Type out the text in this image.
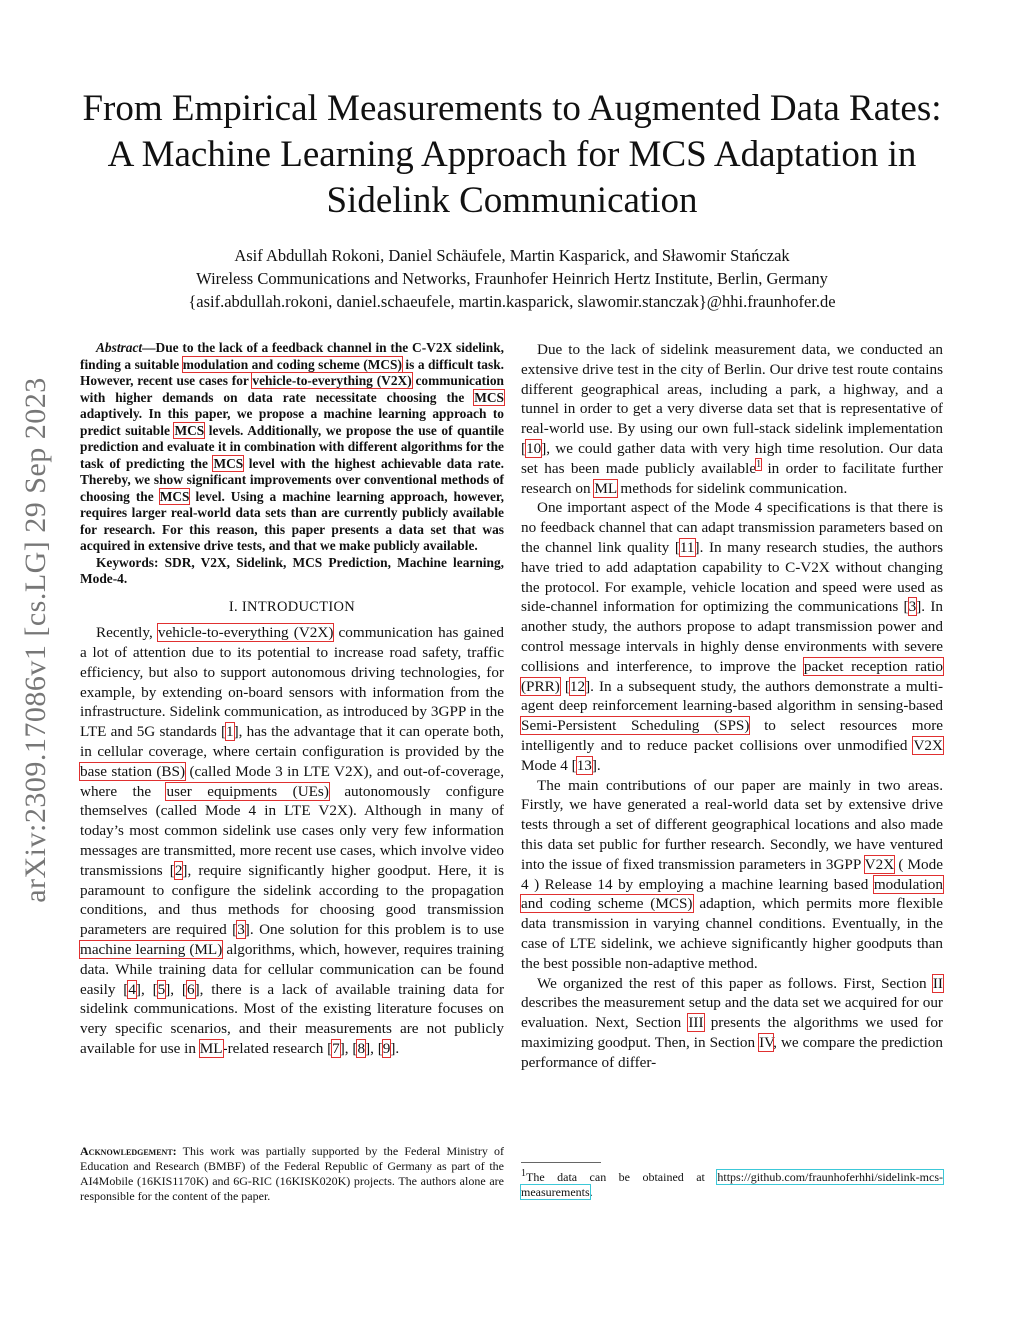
arXiv:2309.17086v1 [cs.LG] 29 Sep 2023
From Empirical Measurements to Augmented Data Rates: A Machine Learning Approach for MCS Adaptation in Sidelink Communication
Asif Abdullah Rokoni, Daniel Schäufele, Martin Kasparick, and Sławomir Stańczak
Wireless Communications and Networks, Fraunhofer Heinrich Hertz Institute, Berlin, Germany
{asif.abdullah.rokoni, daniel.schaeufele, martin.kasparick, slawomir.stanczak}@hhi.fraunhofer.de

Abstract—Due to the lack of a feedback channel in the C-V2X sidelink, finding a suitable modulation and coding scheme (MCS) is a difficult task. However, recent use cases for vehicle-to-everything (V2X) communication with higher demands on data rate necessitate choosing the MCS adaptively. In this paper, we propose a machine learning approach to predict suitable MCS levels. Additionally, we propose the use of quantile prediction and evaluate it in combination with different algorithms for the task of predicting the MCS level with the highest achievable data rate. Thereby, we show significant improvements over conventional methods of choosing the MCS level. Using a machine learning approach, however, requires larger real-world data sets than are currently publicly available for research. For this reason, this paper presents a data set that was acquired in extensive drive tests, and that we make publicly available.

Keywords: SDR, V2X, Sidelink, MCS Prediction, Machine learning, Mode-4.

I. INTRODUCTION

Recently, vehicle-to-everything (V2X) communication has gained a lot of attention due to its potential to increase road safety, traffic efficiency, but also to support autonomous driving technologies, for example, by extending on-board sensors with information from the infrastructure. Sidelink communication, as introduced by 3GPP in the LTE and 5G standards [1], has the advantage that it can operate both, in cellular coverage, where certain configuration is provided by the base station (BS) (called Mode 3 in LTE V2X), and out-of-coverage, where the user equipments (UEs) autonomously configure themselves (called Mode 4 in LTE V2X). Although in many of today’s most common sidelink use cases only very few information messages are transmitted, more recent use cases, which involve video transmissions [2], require significantly higher goodput. Here, it is paramount to configure the sidelink according to the propagation conditions, and thus methods for choosing good transmission parameters are required [3]. One solution for this problem is to use machine learning (ML) algorithms, which, however, requires training data. While training data for cellular communication can be found easily [4], [5], [6], there is a lack of available training data for sidelink communications. Most of the existing literature focuses on very specific scenarios, and their measurements are not publicly available for use in ML-related research [7], [8], [9].

Acknowledgement: This work was partially supported by the Federal Ministry of Education and Research (BMBF) of the Federal Republic of Germany as part of the AI4Mobile (16KIS1170K) and 6G-RIC (16KISK020K) projects. The authors alone are responsible for the content of the paper.

Due to the lack of sidelink measurement data, we conducted an extensive drive test in the city of Berlin. Our drive test route contains different geographical areas, including a park, a highway, and a tunnel in order to get a very diverse data set that is representative of real-world use. By using our own full-stack sidelink implementation [10], we could gather data with very high time resolution. Our data set has been made publicly available$^1$ in order to facilitate further research on ML methods for sidelink communication.

One important aspect of the Mode 4 specifications is that there is no feedback channel that can adapt transmission parameters based on the channel link quality [11]. In many research studies, the authors have tried to add adaptation capability to C-V2X without changing the protocol. For example, vehicle location and speed were used as side-channel information for optimizing the communications [3]. In another study, the authors propose to adapt transmission power and control message intervals in highly dense environments with severe collisions and interference, to improve the packet reception ratio (PRR) [12]. In a subsequent study, the authors demonstrate a multi-agent deep reinforcement learning-based algorithm in sensing-based Semi-Persistent Scheduling (SPS) to select resources more intelligently and to reduce packet collisions over unmodified V2X Mode 4 [13].

The main contributions of our paper are mainly in two areas. Firstly, we have generated a real-world data set by extensive drive tests through a set of different geographical locations and also made this data set public for further research. Secondly, we have ventured into the issue of fixed transmission parameters in 3GPP V2X ( Mode 4 ) Release 14 by employing a machine learning based modulation and coding scheme (MCS) adaption, which permits more flexible data transmission in varying channel conditions. Eventually, in the case of LTE sidelink, we achieve significantly higher goodputs than the best possible non-adaptive method.

We organized the rest of this paper as follows. First, Section II describes the measurement setup and the data set we acquired for our evaluation. Next, Section III presents the algorithms we used for maximizing goodput. Then, in Section IV, we compare the prediction performance of differ-

$^1$The data can be obtained at https://github.com/fraunhoferhhi/sidelink-mcs-measurements.
